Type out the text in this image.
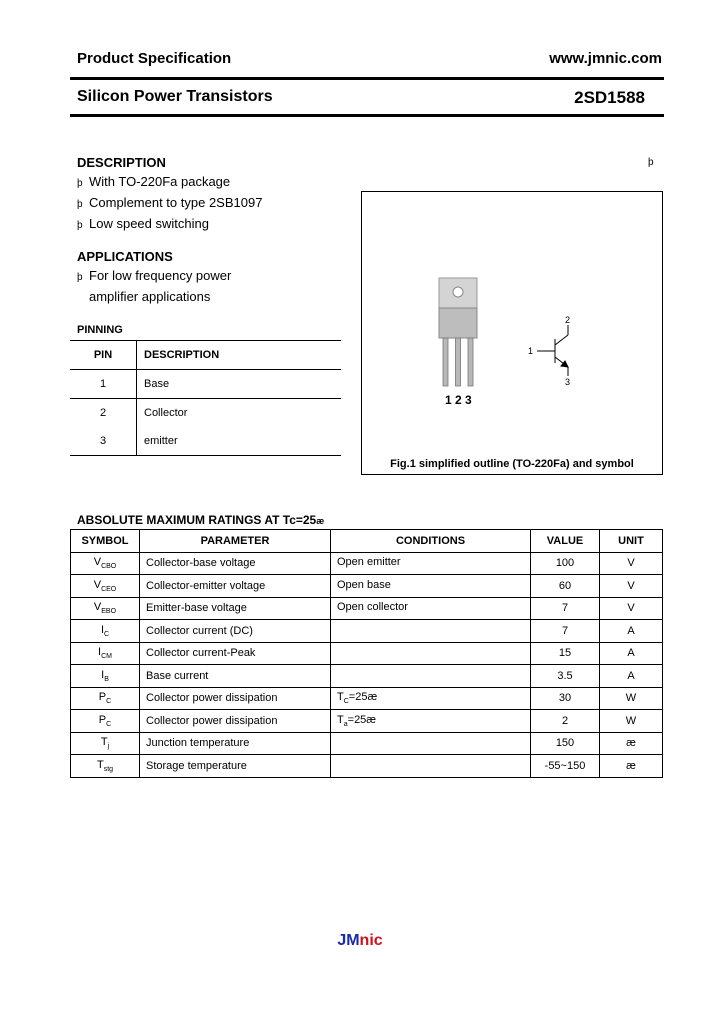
Product Specification	www.jmnic.com
Silicon Power Transistors	2SD1588
þ
DESCRIPTION
þ With TO-220Fa package
þ Complement to type 2SB1097
þ Low speed switching
APPLICATIONS
þ For low frequency power
amplifier applications
PINNING
PIN	DESCRIPTION
1	Base
2	Collector
3	emitter
1 2 3
1
2
3
Fig.1 simplified outline (TO-220Fa) and symbol
ABSOLUTE MAXIMUM RATINGS AT Tc=25æ
SYMBOL	PARAMETER	CONDITIONS	VALUE	UNIT
$V_{CBO}$	Collector-base voltage	Open emitter	100	V
$V_{CEO}$	Collector-emitter voltage	Open base	60	V
$V_{EBO}$	Emitter-base voltage	Open collector	7	V
$I_C$	Collector current (DC)		7	A
$I_{CM}$	Collector current-Peak		15	A
$I_B$	Base current		3.5	A
$P_C$	Collector power dissipation	$T_C=25æ$	30	W
$P_C$	Collector power dissipation	$T_a=25æ$	2	W
$T_j$	Junction temperature		150	æ
$T_{stg}$	Storage temperature		-55~150	æ
JMnic
